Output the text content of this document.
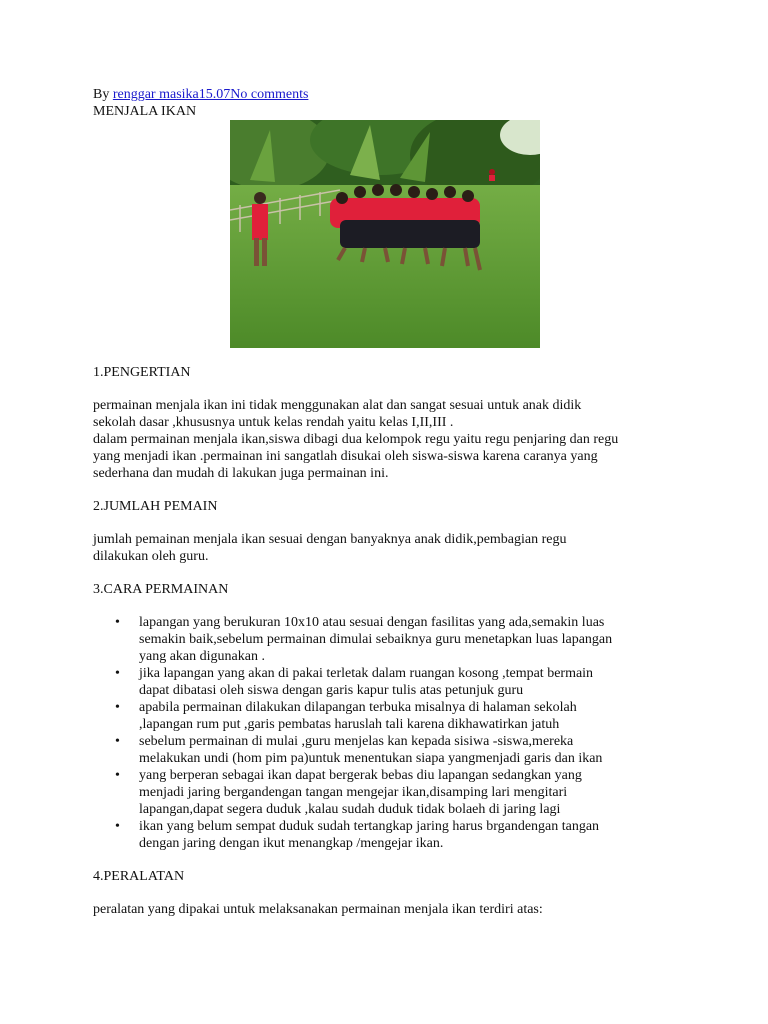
By renggar masika15.07No comments
MENJALA IKAN
1.PENGERTIAN

permainan menjala ikan ini tidak menggunakan alat dan sangat sesuai untuk anak didik
sekolah dasar ,khususnya untuk kelas rendah yaitu kelas I,II,III .
dalam permainan menjala ikan,siswa dibagi dua kelompok regu yaitu regu penjaring dan regu
yang menjadi ikan .permainan ini sangatlah disukai oleh siswa-siswa karena caranya yang
sederhana dan mudah di lakukan juga permainan ini.

2.JUMLAH PEMAIN

jumlah pemainan menjala ikan sesuai dengan banyaknya anak didik,pembagian regu
dilakukan oleh guru.

3.CARA PERMAINAN
• lapangan yang berukuran 10x10 atau sesuai dengan fasilitas yang ada,semakin luas
semakin baik,sebelum permainan dimulai sebaiknya guru menetapkan luas lapangan
yang akan digunakan .
• jika lapangan yang akan di pakai terletak dalam ruangan kosong ,tempat bermain
dapat dibatasi oleh siswa dengan garis kapur tulis atas petunjuk guru
• apabila permainan dilakukan dilapangan terbuka misalnya di halaman sekolah
,lapangan rum put ,garis pembatas haruslah tali karena dikhawatirkan jatuh
• sebelum permainan di mulai ,guru menjelas kan kepada sisiwa -siswa,mereka
melakukan undi (hom pim pa)untuk menentukan siapa yangmenjadi garis dan ikan
• yang berperan sebagai ikan dapat bergerak bebas diu lapangan sedangkan yang
menjadi jaring bergandengan tangan mengejar ikan,disamping lari mengitari
lapangan,dapat segera duduk ,kalau sudah duduk tidak bolaeh di jaring lagi
• ikan yang belum sempat duduk sudah tertangkap jaring harus brgandengan tangan
dengan jaring dengan ikut menangkap /mengejar ikan.
4.PERALATAN

peralatan yang dipakai untuk melaksanakan permainan menjala ikan terdiri atas:
